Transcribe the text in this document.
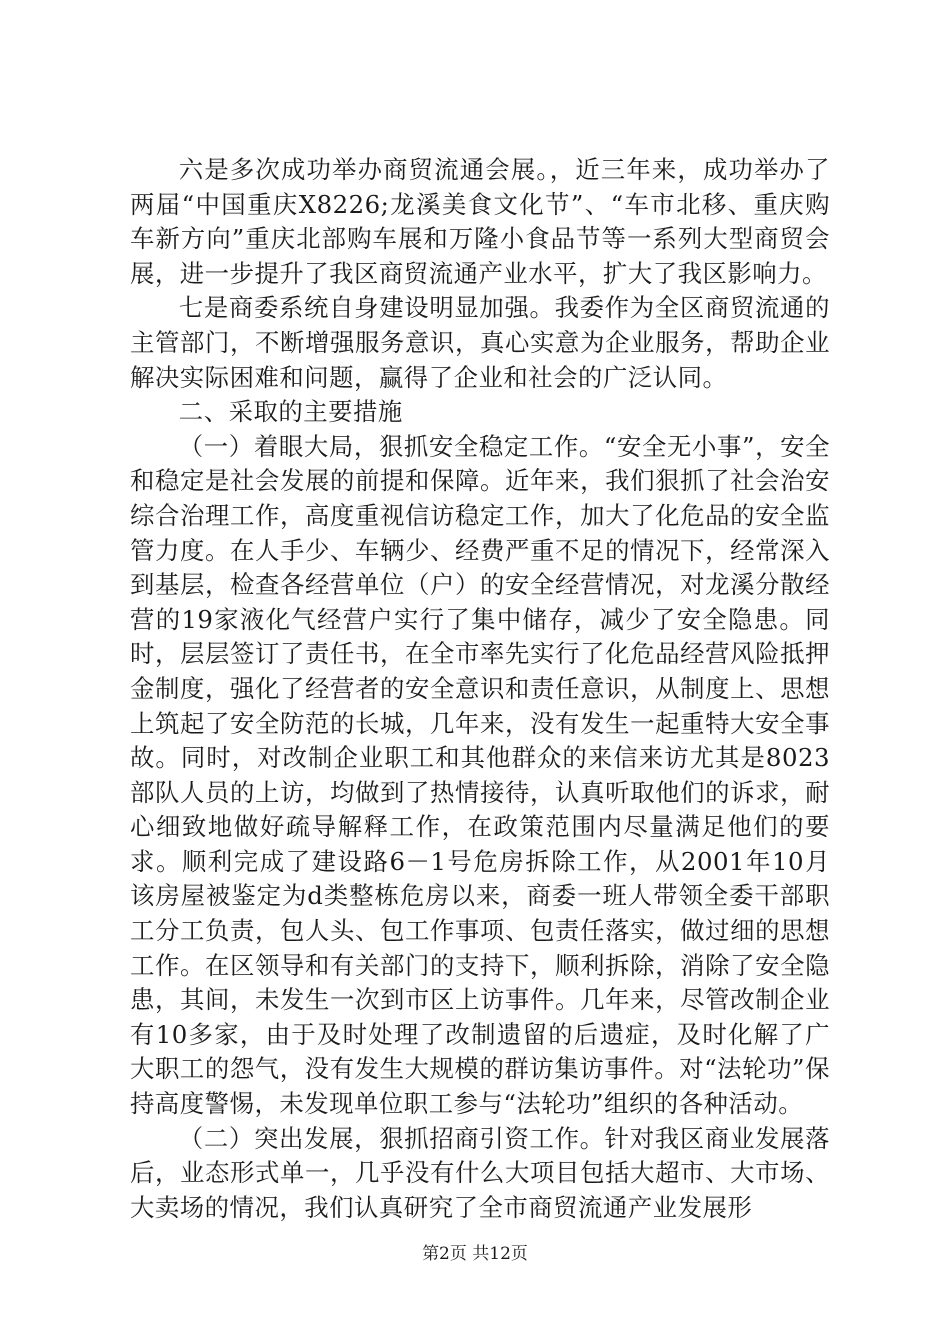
六是多次成功举办商贸流通会展。，近三年来，成功举办了两届“中国重庆X8226;龙溪美食文化节”、“车市北移、重庆购车新方向”重庆北部购车展和万隆小食品节等一系列大型商贸会展，进一步提升了我区商贸流通产业水平，扩大了我区影响力。

七是商委系统自身建设明显加强。我委作为全区商贸流通的主管部门，不断增强服务意识，真心实意为企业服务，帮助企业解决实际困难和问题，赢得了企业和社会的广泛认同。

二、采取的主要措施

（一）着眼大局，狠抓安全稳定工作。“安全无小事”，安全和稳定是社会发展的前提和保障。近年来，我们狠抓了社会治安综合治理工作，高度重视信访稳定工作，加大了化危品的安全监管力度。在人手少、车辆少、经费严重不足的情况下，经常深入到基层，检查各经营单位（户）的安全经营情况，对龙溪分散经营的19家液化气经营户实行了集中储存，减少了安全隐患。同时，层层签订了责任书，在全市率先实行了化危品经营风险抵押金制度，强化了经营者的安全意识和责任意识，从制度上、思想上筑起了安全防范的长城，几年来，没有发生一起重特大安全事故。同时，对改制企业职工和其他群众的来信来访尤其是8023部队人员的上访，均做到了热情接待，认真听取他们的诉求，耐心细致地做好疏导解释工作，在政策范围内尽量满足他们的要求。顺利完成了建设路6－1号危房拆除工作，从2001年10月该房屋被鉴定为d类整栋危房以来，商委一班人带领全委干部职工分工负责，包人头、包工作事项、包责任落实，做过细的思想工作。在区领导和有关部门的支持下，顺利拆除，消除了安全隐患，其间，未发生一次到市区上访事件。几年来，尽管改制企业有10多家，由于及时处理了改制遗留的后遗症，及时化解了广大职工的怨气，没有发生大规模的群访集访事件。对“法轮功”保持高度警惕，未发现单位职工参与“法轮功”组织的各种活动。

（二）突出发展，狠抓招商引资工作。针对我区商业发展落后，业态形式单一，几乎没有什么大项目包括大超市、大市场、大卖场的情况，我们认真研究了全市商贸流通产业发展形

第2页 共12页
